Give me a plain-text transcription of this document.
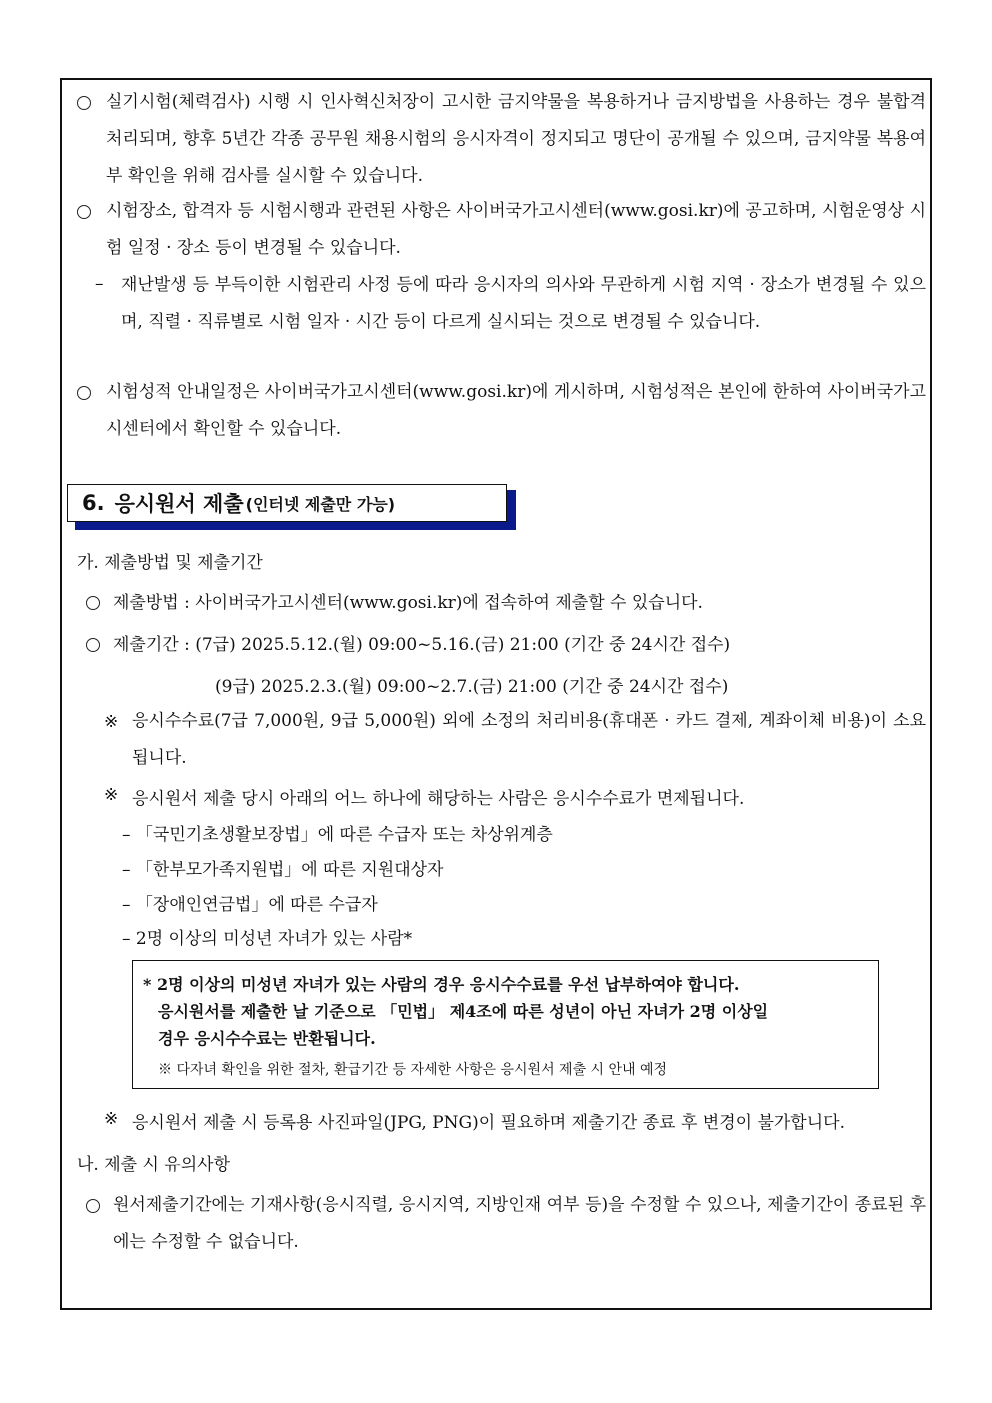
실기시험(체력검사) 시행 시 인사혁신처장이 고시한 금지약물을 복용하거나 금지방법을 사용하는 경우 불합격 처리되며, 향후 5년간 각종 공무원 채용시험의 응시자격이 정지되고 명단이 공개될 수 있으며, 금지약물 복용여부 확인을 위해 검사를 실시할 수 있습니다.
시험장소, 합격자 등 시험시행과 관련된 사항은 사이버국가고시센터(www.gosi.kr)에 공고하며, 시험운영상 시험 일정 · 장소 등이 변경될 수 있습니다.
– 재난발생 등 부득이한 시험관리 사정 등에 따라 응시자의 의사와 무관하게 시험 지역 · 장소가 변경될 수 있으며, 직렬 · 직류별로 시험 일자 · 시간 등이 다르게 실시되는 것으로 변경될 수 있습니다.
시험성적 안내일정은 사이버국가고시센터(www.gosi.kr)에 게시하며, 시험성적은 본인에 한하여 사이버국가고시센터에서 확인할 수 있습니다.
6. 응시원서 제출 (인터넷 제출만 가능)
가. 제출방법 및 제출기간
제출방법 : 사이버국가고시센터(www.gosi.kr)에 접속하여 제출할 수 있습니다.
제출기간 : (7급) 2025.5.12.(월) 09:00~5.16.(금) 21:00 (기간 중 24시간 접수)
(9급) 2025.2.3.(월) 09:00~2.7.(금) 21:00 (기간 중 24시간 접수)
※ 응시수수료(7급 7,000원, 9급 5,000원) 외에 소정의 처리비용(휴대폰 · 카드 결제, 계좌이체 비용)이 소요됩니다.
※ 응시원서 제출 당시 아래의 어느 하나에 해당하는 사람은 응시수수료가 면제됩니다.
– 「국민기초생활보장법」에 따른 수급자 또는 차상위계층
– 「한부모가족지원법」에 따른 지원대상자
– 「장애인연금법」에 따른 수급자
– 2명 이상의 미성년 자녀가 있는 사람*
* 2명 이상의 미성년 자녀가 있는 사람의 경우 응시수수료를 우선 납부하여야 합니다.
응시원서를 제출한 날 기준으로 「민법」 제4조에 따른 성년이 아닌 자녀가 2명 이상일
경우 응시수수료는 반환됩니다.
※ 다자녀 확인을 위한 절차, 환급기간 등 자세한 사항은 응시원서 제출 시 안내 예정
※ 응시원서 제출 시 등록용 사진파일(JPG, PNG)이 필요하며 제출기간 종료 후 변경이 불가합니다.
나. 제출 시 유의사항
원서제출기간에는 기재사항(응시직렬, 응시지역, 지방인재 여부 등)을 수정할 수 있으나, 제출기간이 종료된 후에는 수정할 수 없습니다.
